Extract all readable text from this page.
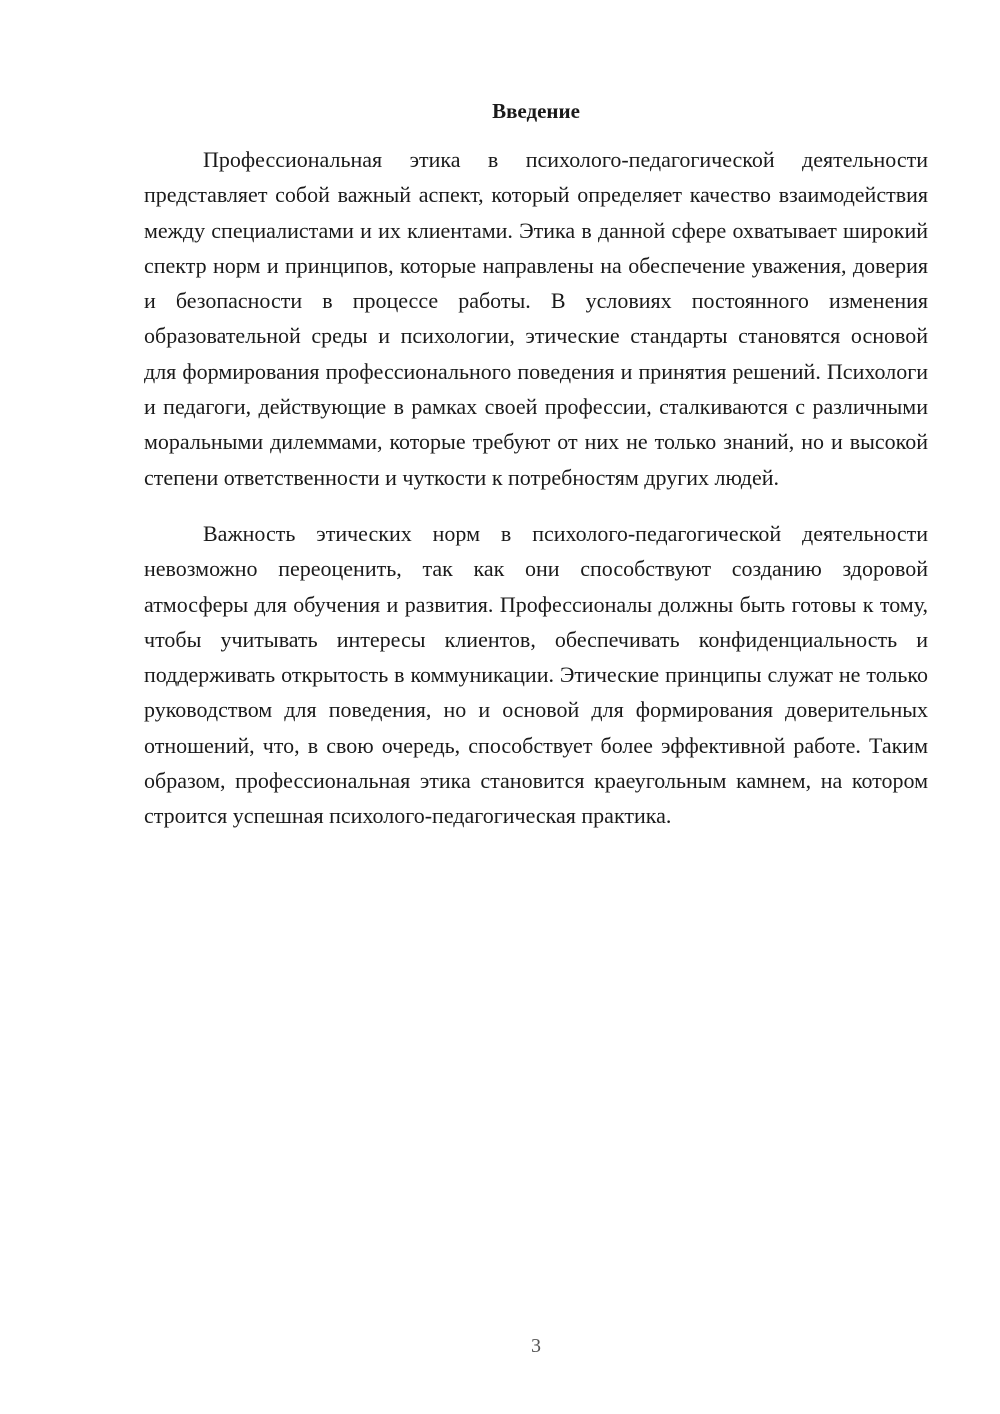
Введение

Профессиональная этика в психолого-педагогической деятельности представляет собой важный аспект, который определяет качество взаимодействия между специалистами и их клиентами. Этика в данной сфере охватывает широкий спектр норм и принципов, которые направлены на обеспечение уважения, доверия и безопасности в процессе работы. В условиях постоянного изменения образовательной среды и психологии, этические стандарты становятся основой для формирования профессионального поведения и принятия решений. Психологи и педагоги, действующие в рамках своей профессии, сталкиваются с различными моральными дилеммами, которые требуют от них не только знаний, но и высокой степени ответственности и чуткости к потребностям других людей.

Важность этических норм в психолого-педагогической деятельности невозможно переоценить, так как они способствуют созданию здоровой атмосферы для обучения и развития. Профессионалы должны быть готовы к тому, чтобы учитывать интересы клиентов, обеспечивать конфиденциальность и поддерживать открытость в коммуникации. Этические принципы служат не только руководством для поведения, но и основой для формирования доверительных отношений, что, в свою очередь, способствует более эффективной работе. Таким образом, профессиональная этика становится краеугольным камнем, на котором строится успешная психолого-педагогическая практика.

3
